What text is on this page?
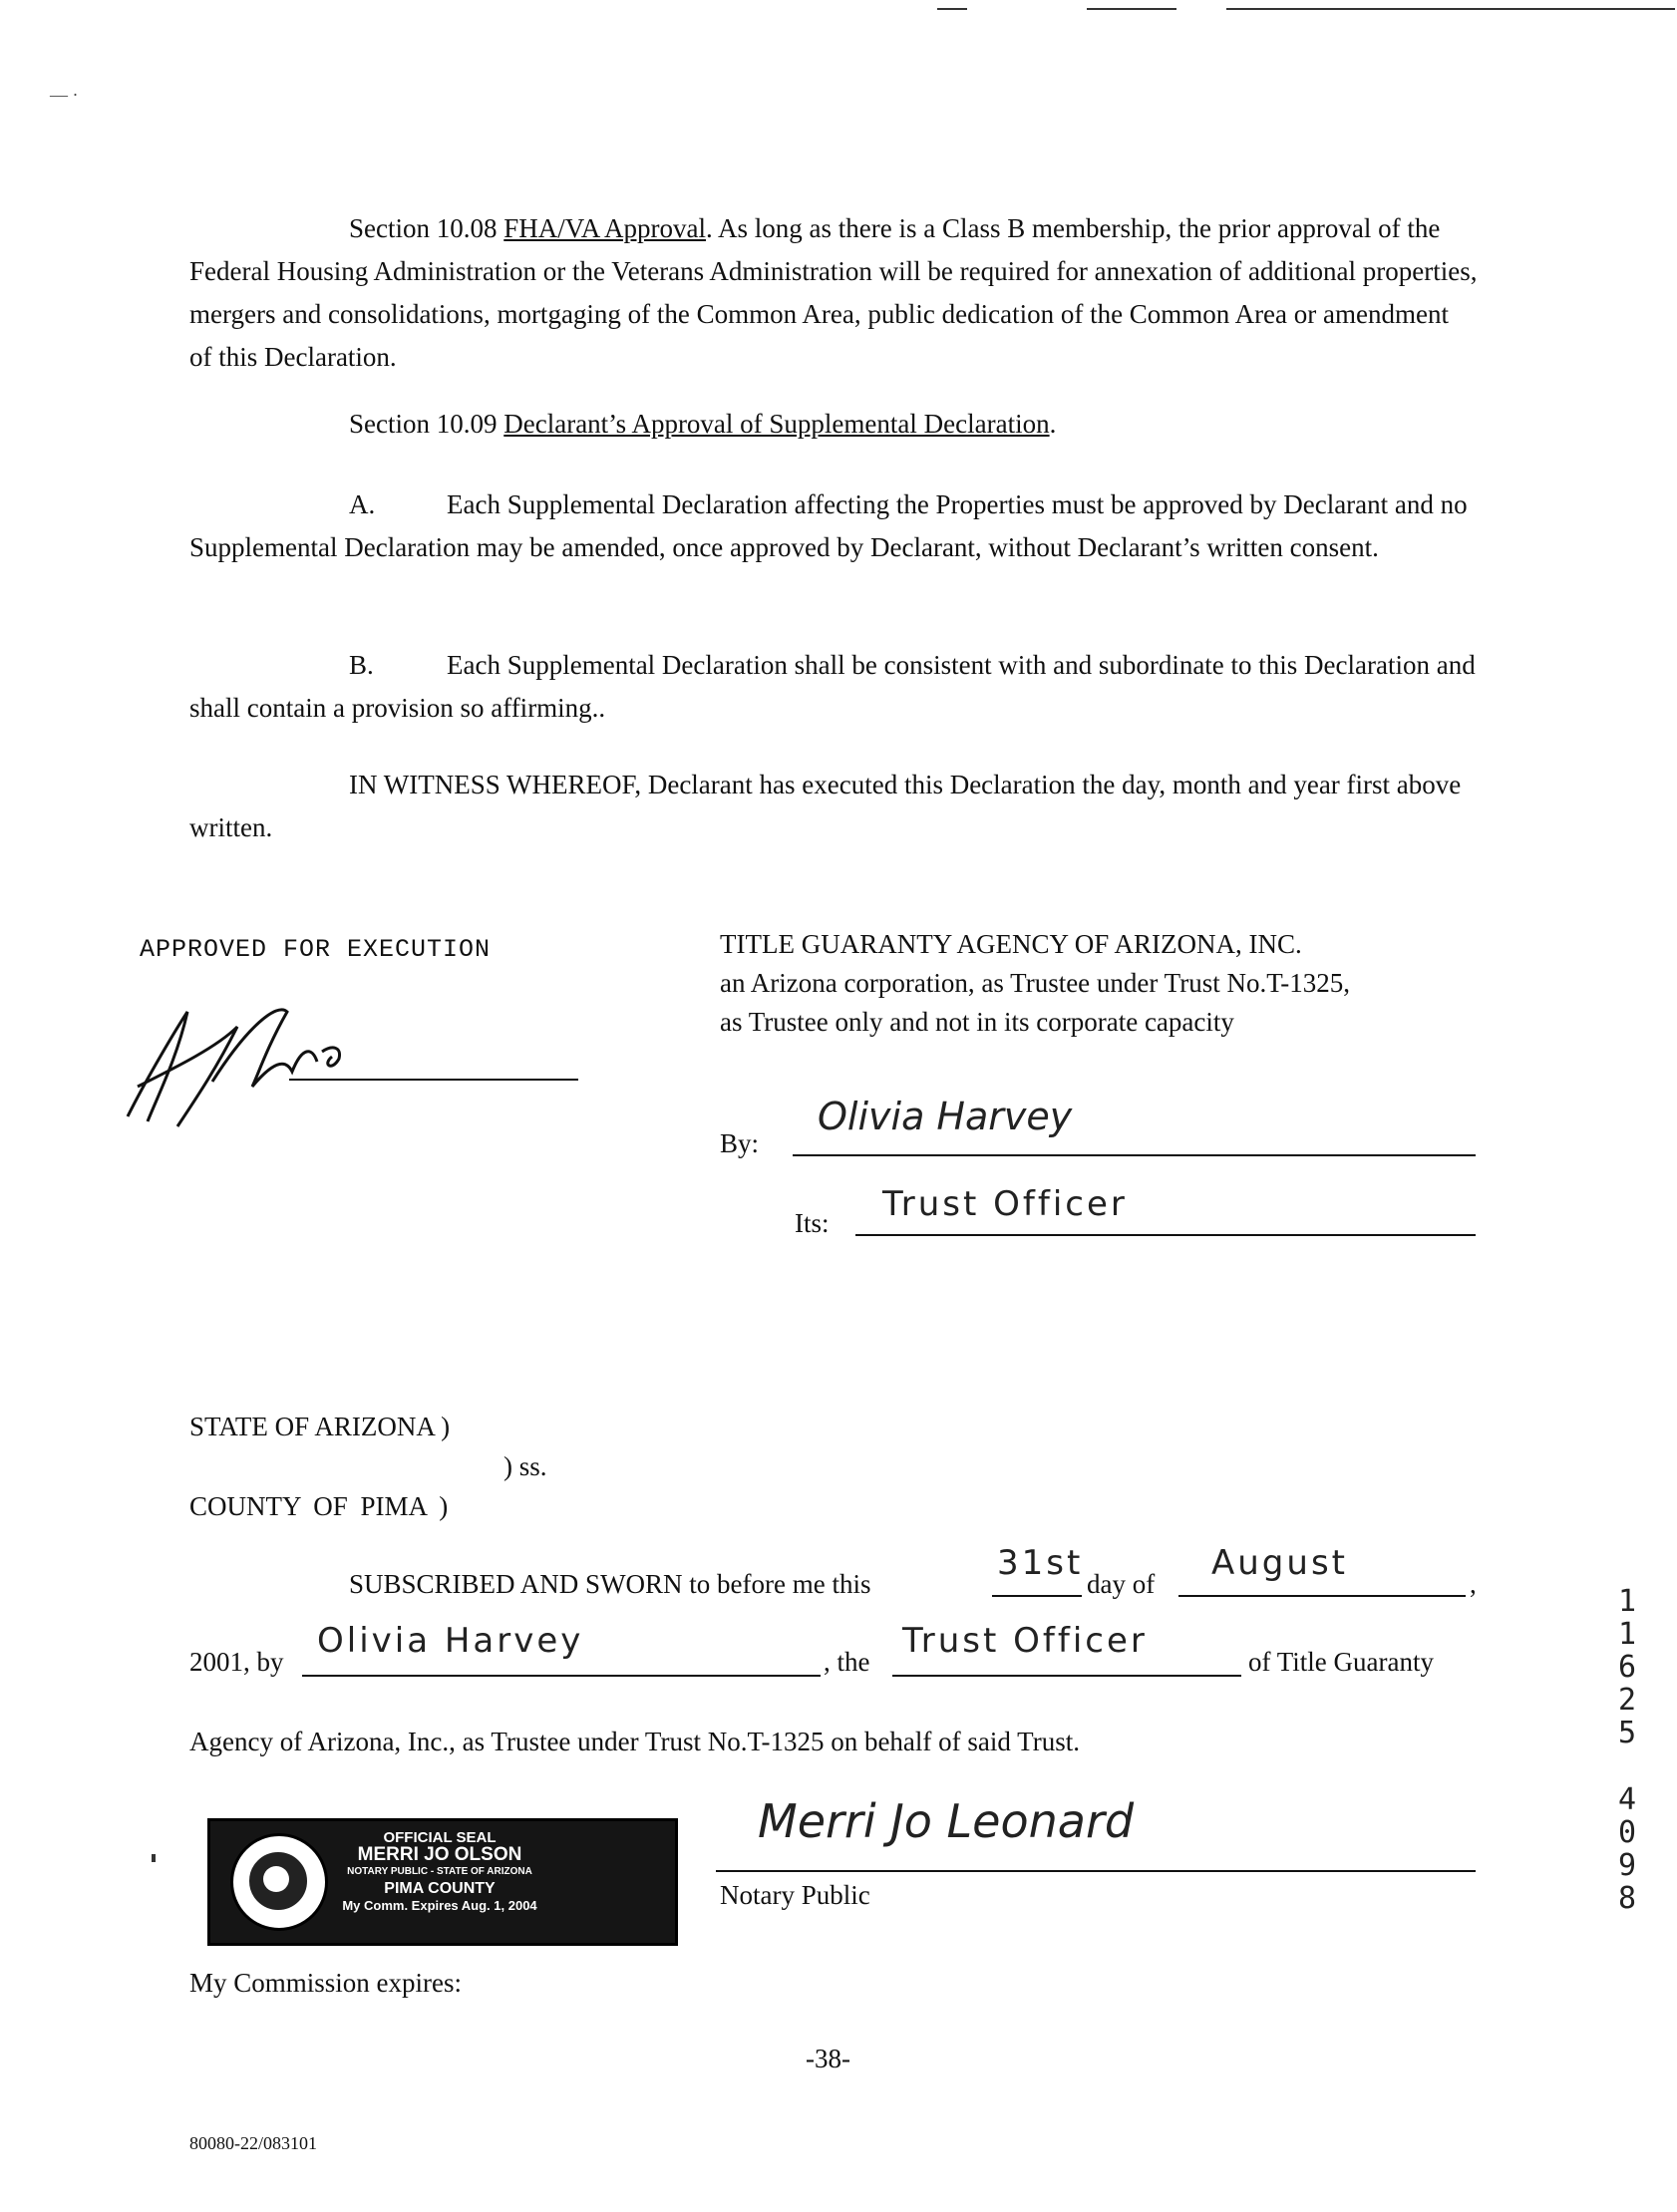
— ·

Section 10.08 FHA/VA Approval. As long as there is a Class B membership, the prior approval of the Federal Housing Administration or the Veterans Administration will be required for annexation of additional properties, mergers and consolidations, mortgaging of the Common Area, public dedication of the Common Area or amendment of this Declaration.

Section 10.09 Declarant’s Approval of Supplemental Declaration.

A.	Each Supplemental Declaration affecting the Properties must be approved by Declarant and no Supplemental Declaration may be amended, once approved by Declarant, without Declarant’s written consent.

B.	Each Supplemental Declaration shall be consistent with and subordinate to this Declaration and shall contain a provision so affirming..

IN WITNESS WHEREOF, Declarant has executed this Declaration the day, month and year first above written.

APPROVED FOR EXECUTION	TITLE GUARANTY AGENCY OF ARIZONA, INC.
an Arizona corporation, as Trustee under Trust No.T-1325,
as Trustee only and not in its corporate capacity
By:
Olivia Harvey
Its: Trust Officer
STATE OF ARIZONA )
) ss.
COUNTY OF PIMA )
SUBSCRIBED AND SWORN to before me this
31st
day of
August
,
2001, by
Olivia Harvey
, the
Trust Officer
of Title Guaranty
Agency of Arizona, Inc., as Trustee under Trust No.T-1325 on behalf of said Trust.
OFFICIAL SEAL
MERRI JO OLSON
NOTARY PUBLIC - STATE OF ARIZONA
PIMA COUNTY
My Comm. Expires Aug. 1, 2004
Merri Jo Leonard
Notary Public
My Commission expires:
-38-
80080-22/083101
1
1
6
2
5
4
0
9
8
